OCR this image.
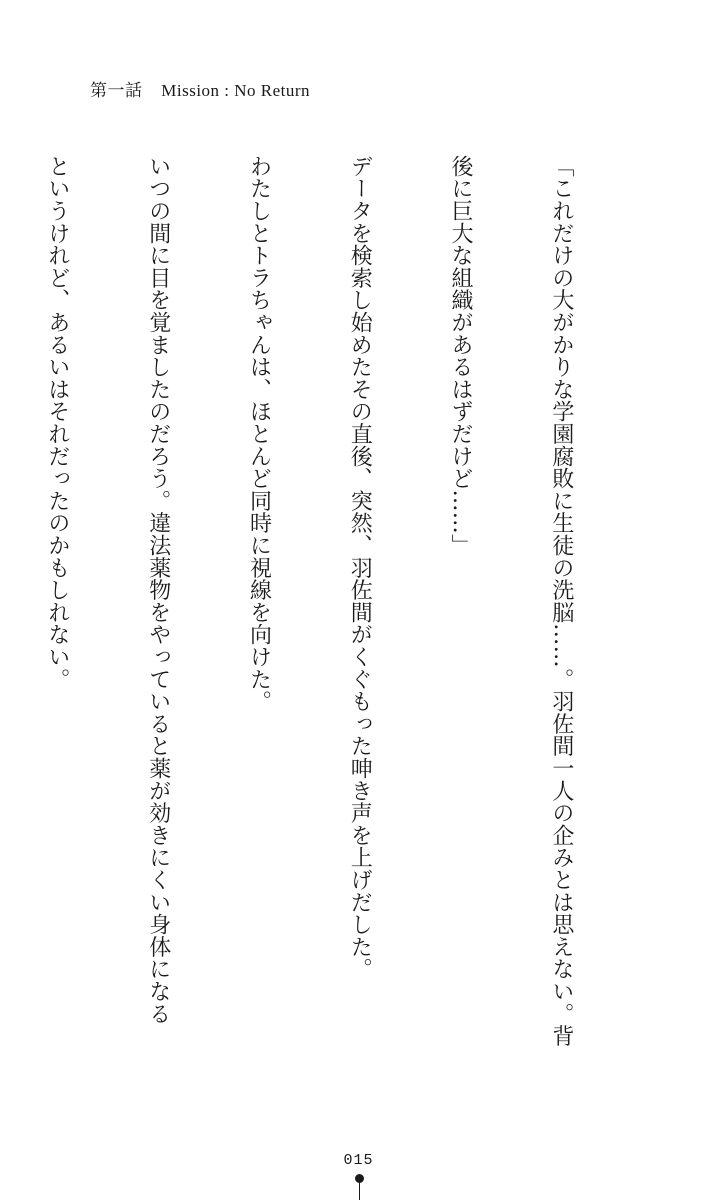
第一話 Mission : No Return

「これだけの大がかりな学園腐敗に生徒の洗脳……。羽佐間一人の企みとは思えない。背

後に巨大な組織があるはずだけど……」

データを検索し始めたその直後、突然、羽佐間がくぐもった呻き声を上げだした。

わたしとトラちゃんは、ほとんど同時に視線を向けた。

いつの間に目を覚ましたのだろう。違法薬物をやっていると薬が効きにくい身体になる

というけれど、あるいはそれだったのかもしれない。

015
